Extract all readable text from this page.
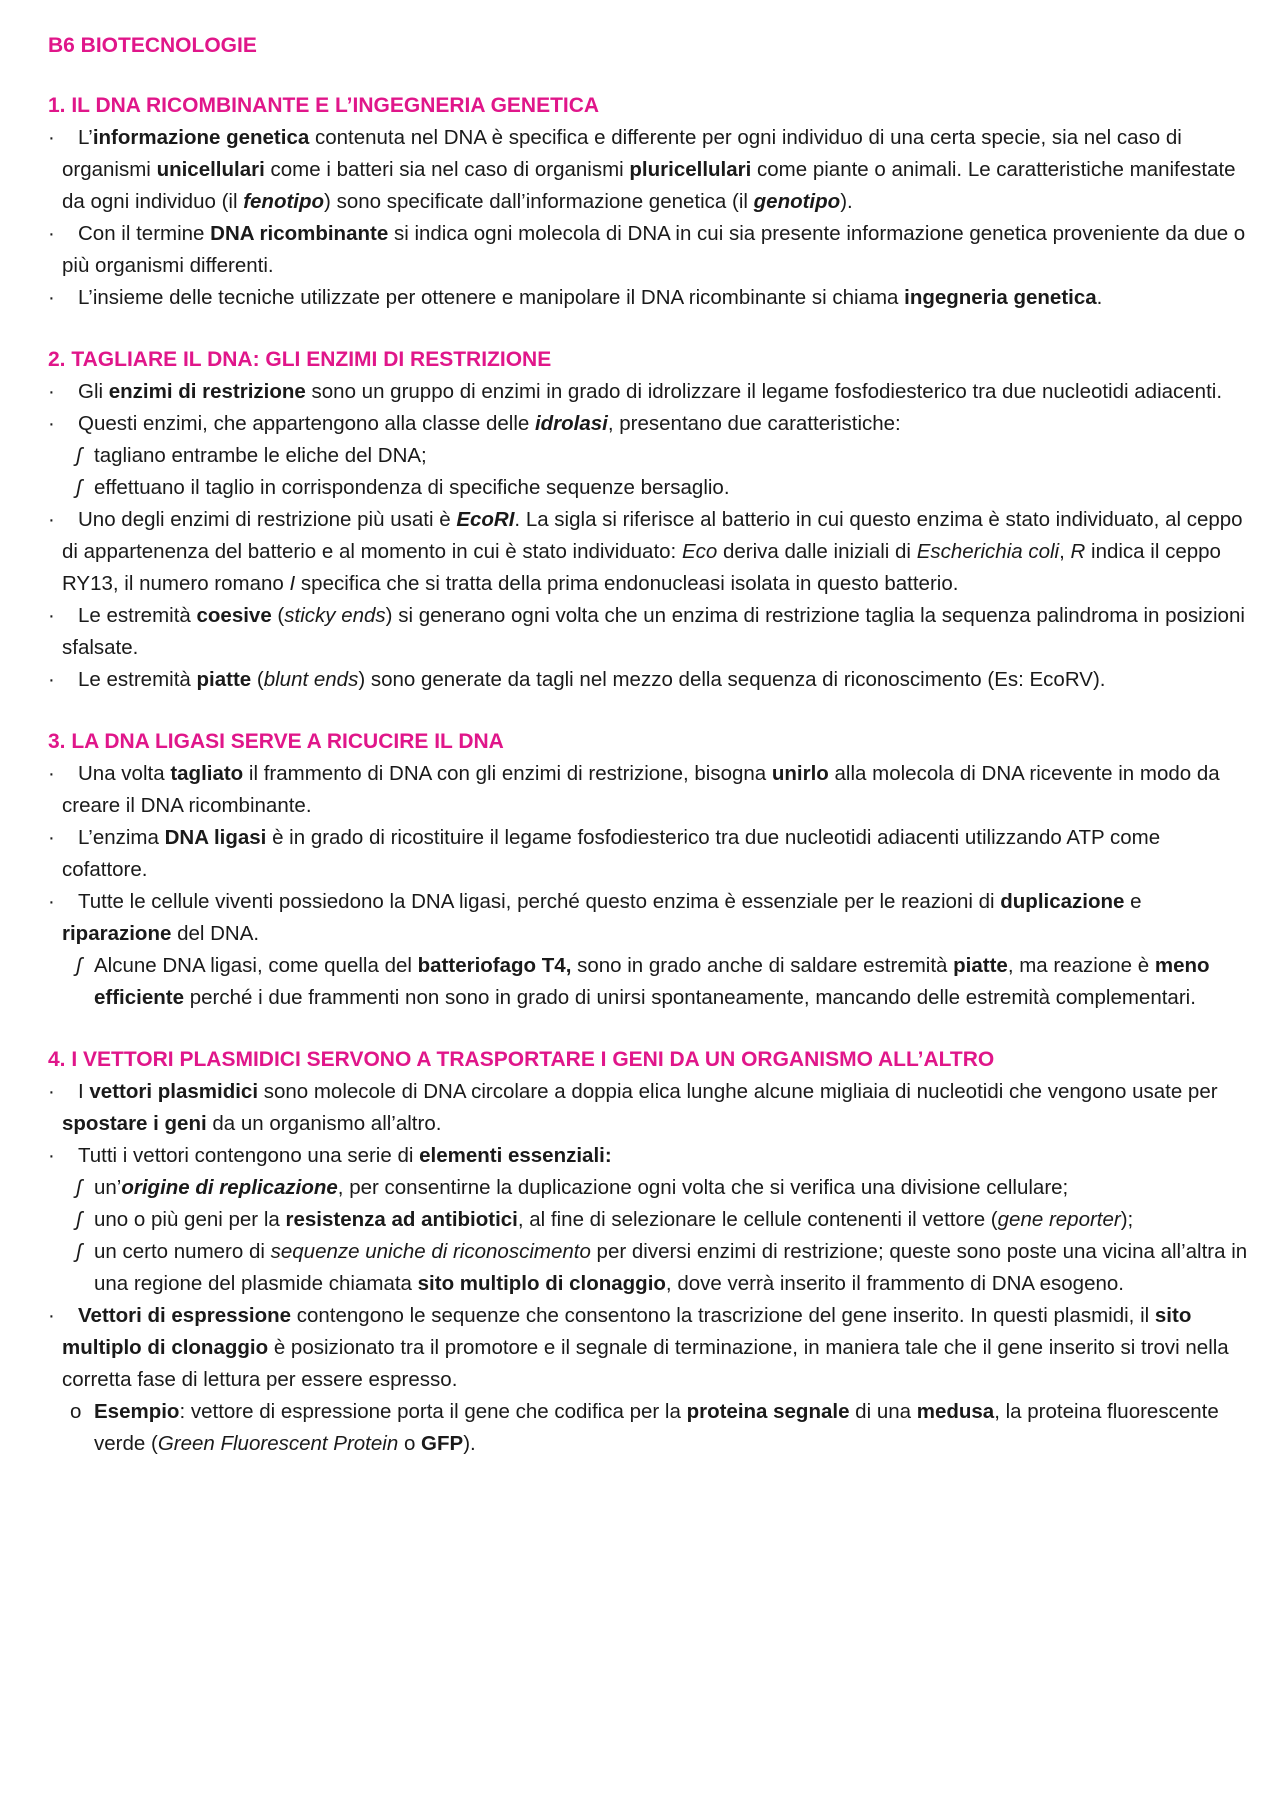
B6 BIOTECNOLOGIE
1. IL DNA RICOMBINANTE E L’INGEGNERIA GENETICA
·	L’informazione genetica contenuta nel DNA è specifica e differente per ogni individuo di una certa specie, sia nel caso di organismi unicellulari come i batteri sia nel caso di organismi pluricellulari come piante o animali. Le caratteristiche manifestate da ogni individuo (il fenotipo) sono specificate dall’informazione genetica (il genotipo).
·	Con il termine DNA ricombinante si indica ogni molecola di DNA in cui sia presente informazione genetica proveniente da due o più organismi differenti.
·	L’insieme delle tecniche utilizzate per ottenere e manipolare il DNA ricombinante si chiama ingegneria genetica.
2. TAGLIARE IL DNA: GLI ENZIMI DI RESTRIZIONE
·	Gli enzimi di restrizione sono un gruppo di enzimi in grado di idrolizzare il legame fosfodiesterico tra due nucleotidi adiacenti.
·	Questi enzimi, che appartengono alla classe delle idrolasi, presentano due caratteristiche:
ʃ tagliano entrambe le eliche del DNA;
ʃ effettuano il taglio in corrispondenza di specifiche sequenze bersaglio.
·	Uno degli enzimi di restrizione più usati è EcoRI. La sigla si riferisce al batterio in cui questo enzima è stato individuato, al ceppo di appartenenza del batterio e al momento in cui è stato individuato: Eco deriva dalle iniziali di Escherichia coli, R indica il ceppo RY13, il numero romano I specifica che si tratta della prima endonucleasi isolata in questo batterio.
·	Le estremità coesive (sticky ends) si generano ogni volta che un enzima di restrizione taglia la sequenza palindroma in posizioni sfalsate.
·	Le estremità piatte (blunt ends) sono generate da tagli nel mezzo della sequenza di riconoscimento (Es: EcoRV).
3. LA DNA LIGASI SERVE A RICUCIRE IL DNA
·	Una volta tagliato il frammento di DNA con gli enzimi di restrizione, bisogna unirlo alla molecola di DNA ricevente in modo da creare il DNA ricombinante.
·	L’enzima DNA ligasi è in grado di ricostituire il legame fosfodiesterico tra due nucleotidi adiacenti utilizzando ATP come cofattore.
·	Tutte le cellule viventi possiedono la DNA ligasi, perché questo enzima è essenziale per le reazioni di duplicazione e riparazione del DNA.
ʃ Alcune DNA ligasi, come quella del batteriofago T4, sono in grado anche di saldare estremità piatte, ma reazione è meno efficiente perché i due frammenti non sono in grado di unirsi spontaneamente, mancando delle estremità complementari.
4. I VETTORI PLASMIDICI SERVONO A TRASPORTARE I GENI DA UN ORGANISMO ALL’ALTRO
·	I vettori plasmidici sono molecole di DNA circolare a doppia elica lunghe alcune migliaia di nucleotidi che vengono usate per spostare i geni da un organismo all’altro.
·	Tutti i vettori contengono una serie di elementi essenziali:
ʃ un’origine di replicazione, per consentirne la duplicazione ogni volta che si verifica una divisione cellulare;
ʃ uno o più geni per la resistenza ad antibiotici, al fine di selezionare le cellule contenenti il vettore (gene reporter);
ʃ un certo numero di sequenze uniche di riconoscimento per diversi enzimi di restrizione; queste sono poste una vicina all’altra in una regione del plasmide chiamata sito multiplo di clonaggio, dove verrà inserito il frammento di DNA esogeno.
·	Vettori di espressione contengono le sequenze che consentono la trascrizione del gene inserito. In questi plasmidi, il sito multiplo di clonaggio è posizionato tra il promotore e il segnale di terminazione, in maniera tale che il gene inserito si trovi nella corretta fase di lettura per essere espresso.
o Esempio: vettore di espressione porta il gene che codifica per la proteina segnale di una medusa, la proteina fluorescente verde (Green Fluorescent Protein o GFP).
